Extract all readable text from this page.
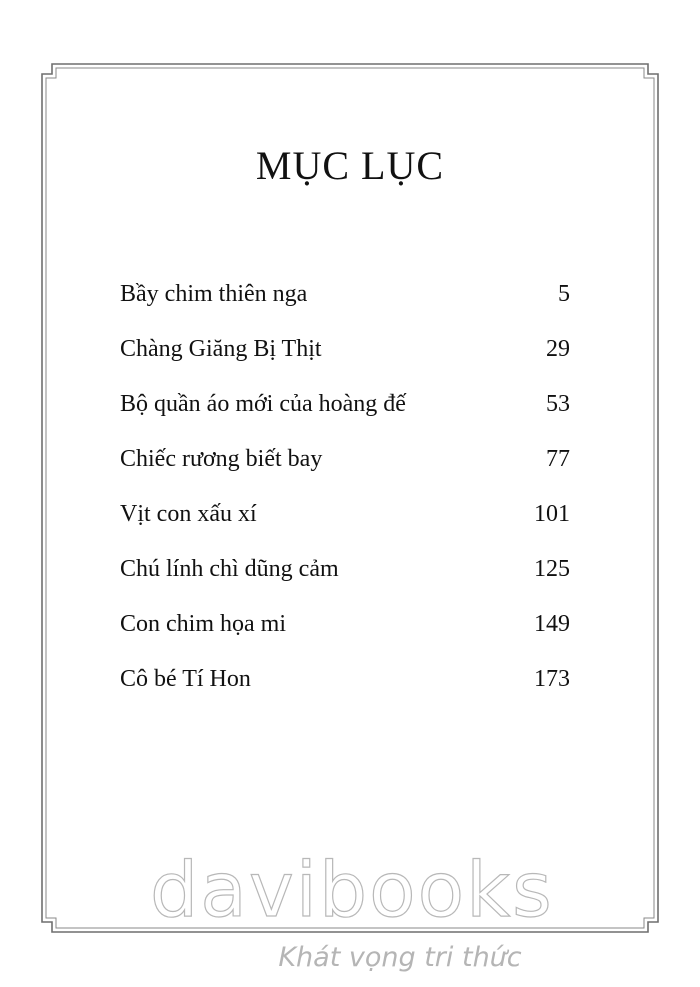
MỤC LỤC
Bầy chim thiên nga	5
Chàng Giăng Bị Thịt	29
Bộ quần áo mới của hoàng đế	53
Chiếc rương biết bay	77
Vịt con xấu xí	101
Chú lính chì dũng cảm	125
Con chim họa mi	149
Cô bé Tí Hon	173
davibooks
Khát vọng tri thức
